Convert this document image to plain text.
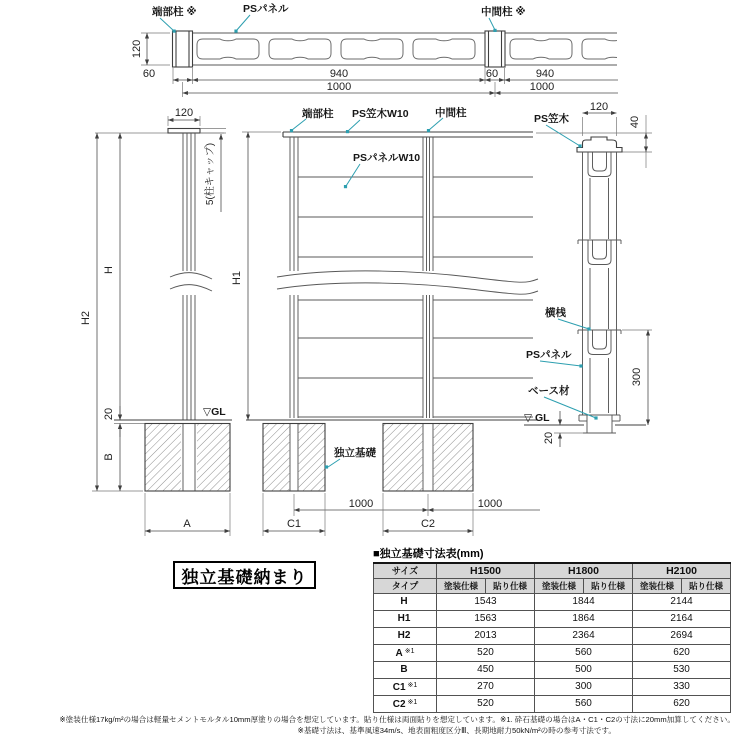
120
60	940	60	940
1000	1000
端部柱 ※	PSパネル	中間柱 ※
120
5(柱キャップ)
H
H2
▽GL
20
B
A
H1
独立基礎
1000	1000
C1	C2
端部柱 PS笠木W10	中間柱
PSパネルW10
120
40
▽ GL
300
20
PS笠木
横桟
PSパネル
ベース材
独立基礎納まり
■独立基礎寸法表(mm)
サイズ	H1500		H1800		H2100	
タイプ	塗装仕様	貼り仕様	塗装仕様	貼り仕様	塗装仕様	貼り仕様
H	1543		1844		2144	
H1	1563		1864		2164	
H2	2013		2364		2694	
A $^{※1}$	520		560		620	
B	450		500		530	
C1 $^{※1}$	270		300		330	
C2 $^{※1}$	520		560		620	
※塗装仕様17kg/m²の場合は軽量セメントモルタル10mm厚塗りの場合を想定しています。貼り仕様は両面貼りを想定しています。※1. 砕石基礎の場合はA・C1・C2の寸法に20mm加算してください。
※基礎寸法は、基準風速34m/s、地表面粗度区分Ⅲ、長期地耐力50kN/m²の時の参考寸法です。
